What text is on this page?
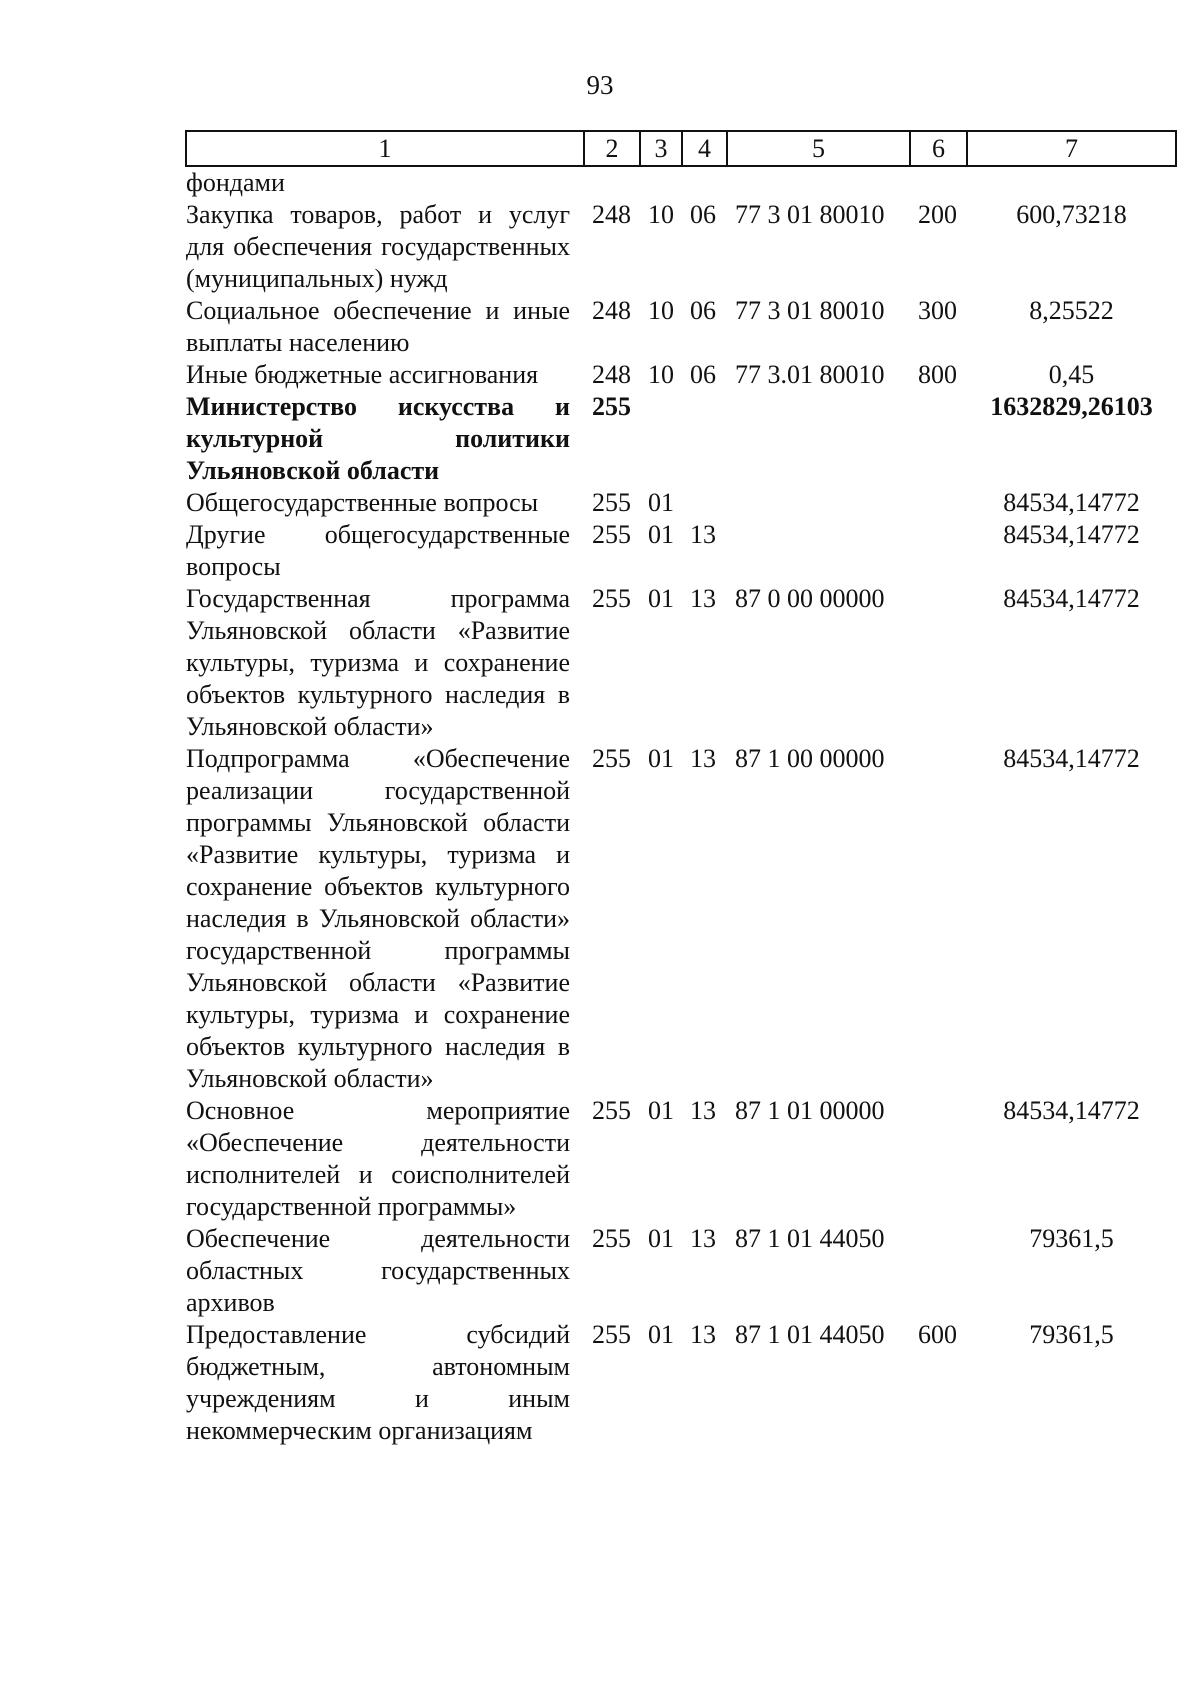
93
1	2	3	4	5	6	7
фондами						
Закупка товаров, работ и услуг для обеспечения государственных (муниципальных) нужд	248	10	06	77 3 01 80010	200	600,73218
Социальное обеспечение и иные выплаты населению	248	10	06	77 3 01 80010	300	8,25522
Иные бюджетные ассигнования	248	10	06	77 3.01 80010	800	0,45
Министерство искусства и культурной политики Ульяновской области	255					1632829,26103
Общегосударственные вопросы	255	01				84534,14772
Другие общегосударственные вопросы	255	01	13			84534,14772
Государственная программа Ульяновской области «Развитие культуры, туризма и сохранение объектов культурного наследия в Ульяновской области»	255	01	13	87 0 00 00000		84534,14772
Подпрограмма «Обеспечение реализации государственной программы Ульяновской области «Развитие культуры, туризма и сохранение объектов культурного наследия в Ульяновской области» государственной программы Ульяновской области «Развитие культуры, туризма и сохранение объектов культурного наследия в Ульяновской области»	255	01	13	87 1 00 00000		84534,14772
Основное мероприятие «Обеспечение деятельности исполнителей и соисполнителей государственной программы»	255	01	13	87 1 01 00000		84534,14772
Обеспечение деятельности областных государственных архивов	255	01	13	87 1 01 44050		79361,5
Предоставление субсидий бюджетным, автономным учреждениям и иным некоммерческим организациям	255	01	13	87 1 01 44050	600	79361,5
